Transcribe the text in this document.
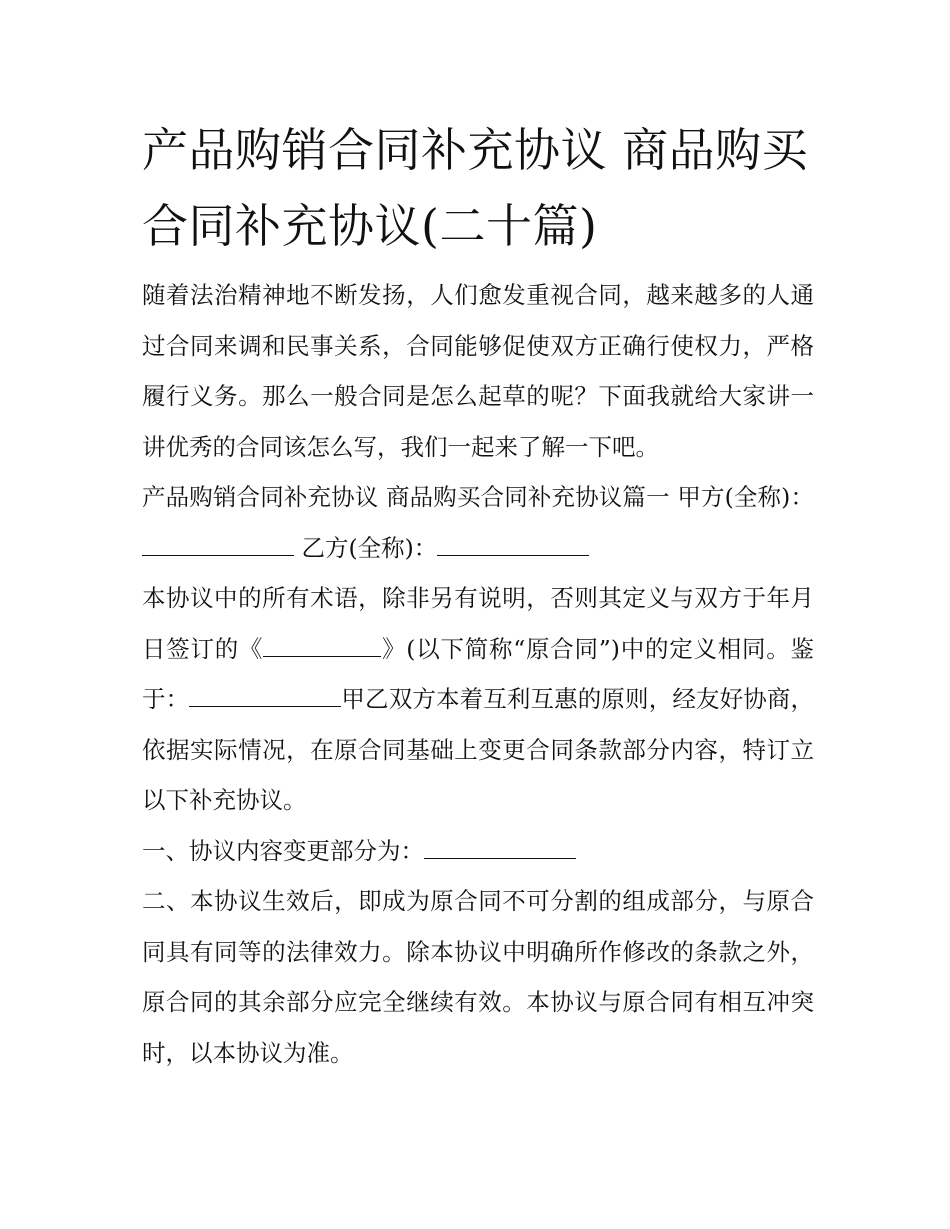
产品购销合同补充协议 商品购买合同补充协议(二十篇)

随着法治精神地不断发扬，人们愈发重视合同，越来越多的人通过合同来调和民事关系，合同能够促使双方正确行使权力，严格履行义务。那么一般合同是怎么起草的呢？下面我就给大家讲一讲优秀的合同该怎么写，我们一起来了解一下吧。

产品购销合同补充协议 商品购买合同补充协议篇一 甲方(全称)： 乙方(全称)：

本协议中的所有术语，除非另有说明，否则其定义与双方于年月日签订的《	》(以下简称“原合同”)中的定义相同。鉴于：	甲乙双方本着互利互惠的原则，经友好协商，依据实际情况，在原合同基础上变更合同条款部分内容，特订立以下补充协议。

一、协议内容变更部分为：

二、本协议生效后，即成为原合同不可分割的组成部分，与原合同具有同等的法律效力。除本协议中明确所作修改的条款之外，原合同的其余部分应完全继续有效。本协议与原合同有相互冲突时，以本协议为准。
